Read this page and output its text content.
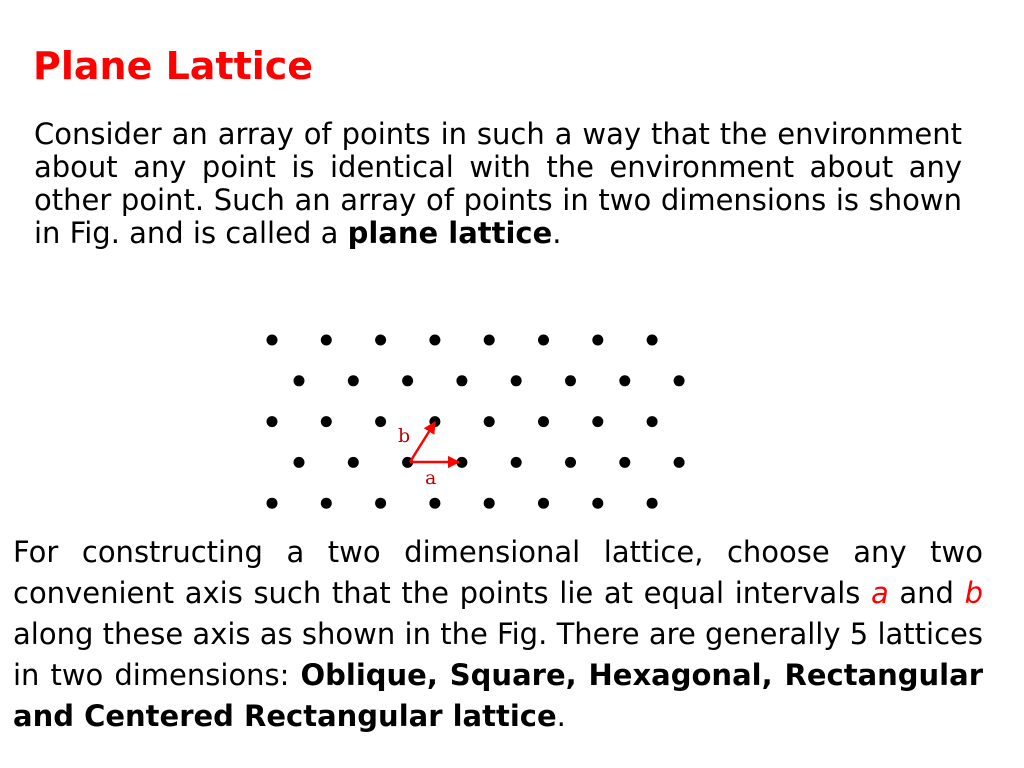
Plane Lattice

Consider an array of points in such a way that the environment about any point is identical with the environment about any other point. Such an array of points in two dimensions is shown in Fig. and is called a plane lattice.

b
a

For constructing a two dimensional lattice, choose any two convenient axis such that the points lie at equal intervals a and b along these axis as shown in the Fig. There are generally 5 lattices in two dimensions: Oblique, Square, Hexagonal, Rectangular and Centered Rectangular lattice.
